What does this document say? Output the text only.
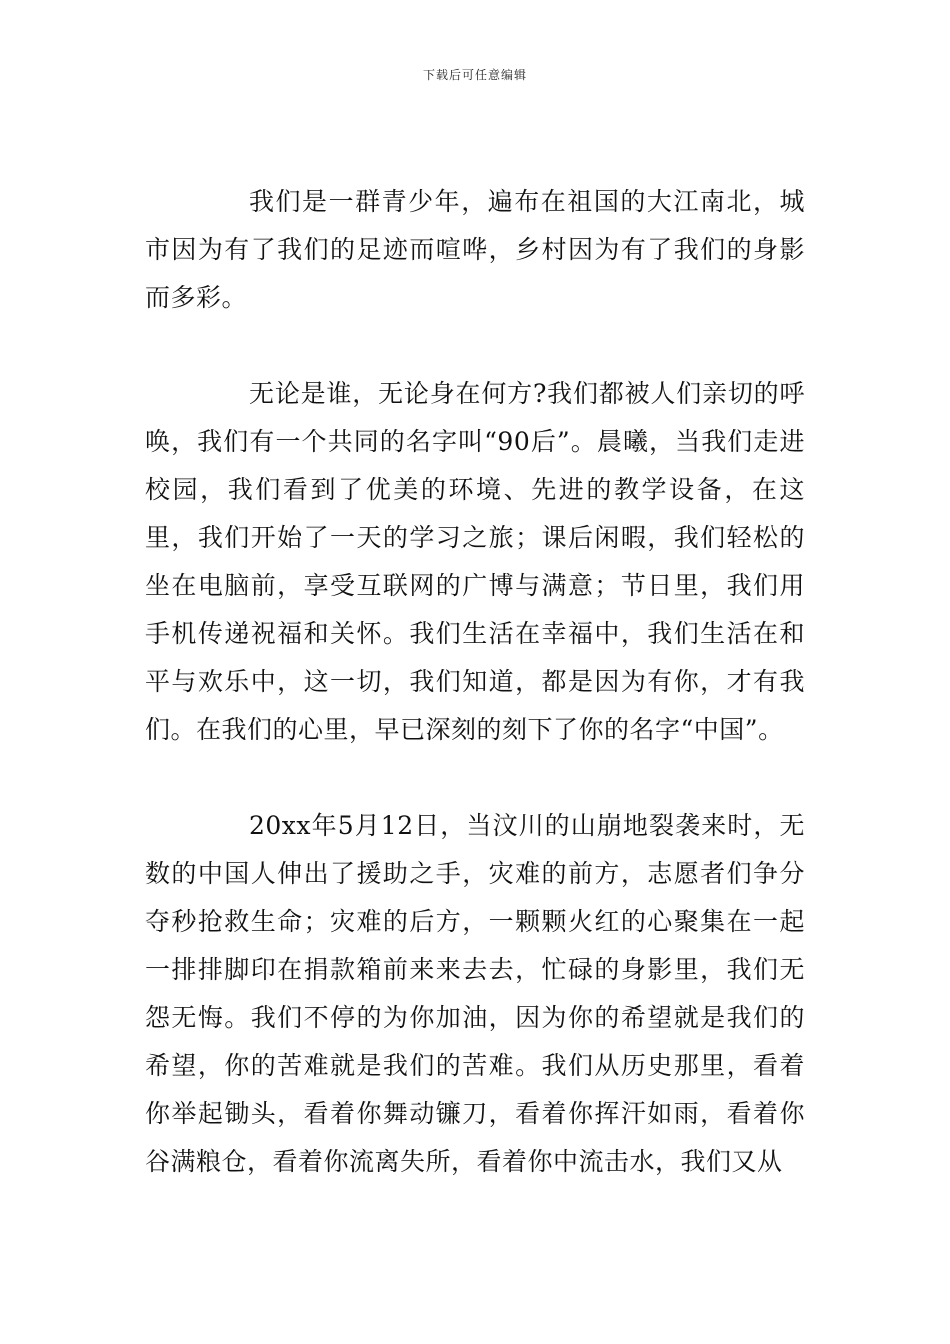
下载后可任意编辑

我们是一群青少年，遍布在祖国的大江南北，城市因为有了我们的足迹而喧哗，乡村因为有了我们的身影而多彩。

无论是谁，无论身在何方?我们都被人们亲切的呼唤，我们有一个共同的名字叫“90后”。晨曦，当我们走进校园，我们看到了优美的环境、先进的教学设备，在这里，我们开始了一天的学习之旅；课后闲暇，我们轻松的坐在电脑前，享受互联网的广博与满意；节日里，我们用手机传递祝福和关怀。我们生活在幸福中，我们生活在和平与欢乐中，这一切，我们知道，都是因为有你，才有我们。在我们的心里，早已深刻的刻下了你的名字“中国”。

20xx年5月12日，当汶川的山崩地裂袭来时，无数的中国人伸出了援助之手，灾难的前方，志愿者们争分夺秒抢救生命；灾难的后方，一颗颗火红的心聚集在一起一排排脚印在捐款箱前来来去去，忙碌的身影里，我们无怨无悔。我们不停的为你加油，因为你的希望就是我们的希望，你的苦难就是我们的苦难。我们从历史那里，看着你举起锄头，看着你舞动镰刀，看着你挥汗如雨，看着你谷满粮仓，看着你流离失所，看着你中流击水，我们又从
